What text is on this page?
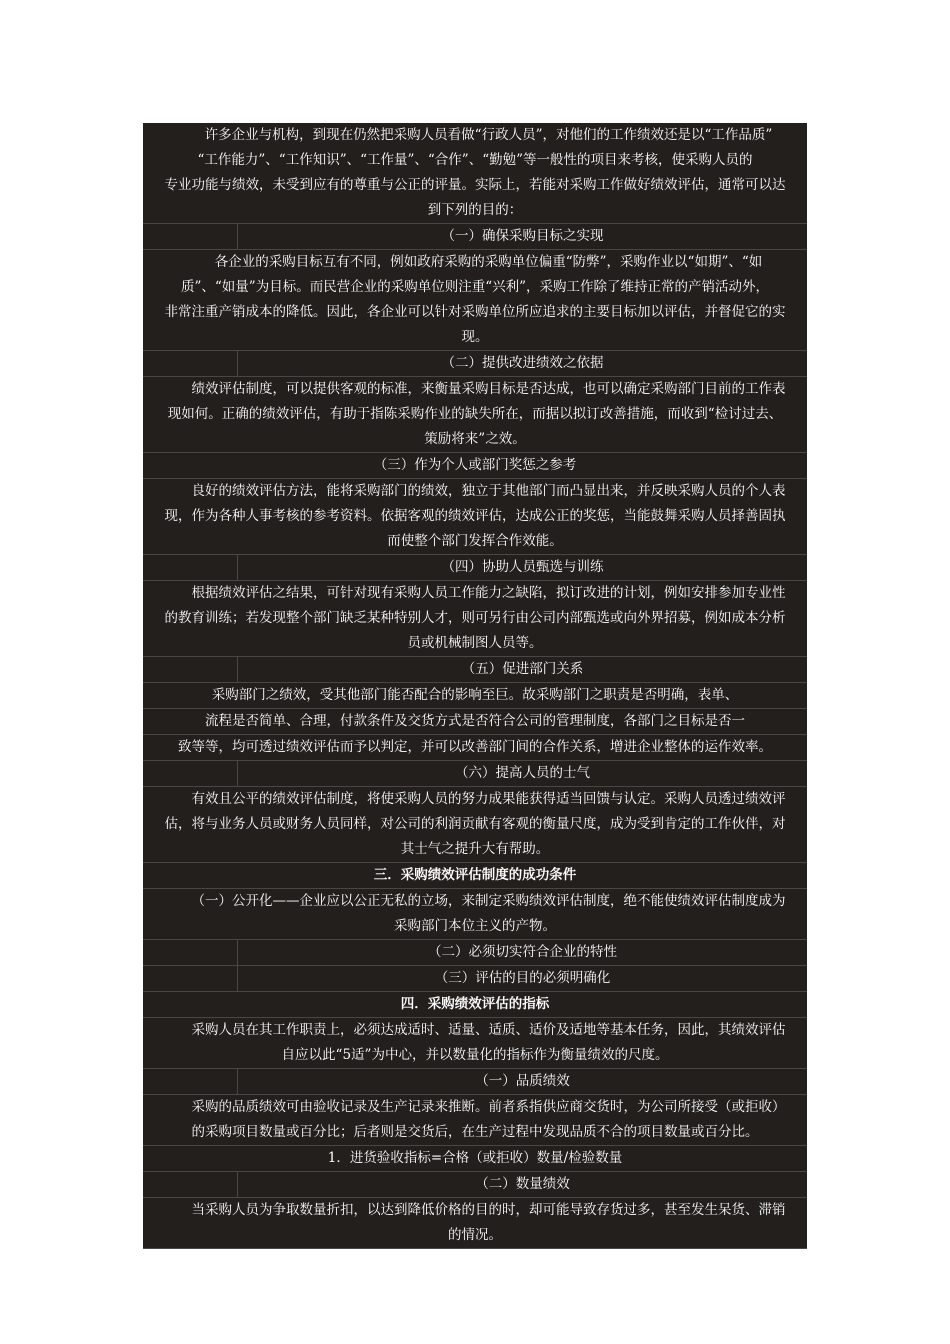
许多企业与机构，到现在仍然把采购人员看做“行政人员”，对他们的工作绩效还是以“工作品质”
“工作能力”、“工作知识”、“工作量”、“合作”、“勤勉”等一般性的项目来考核，使采购人员的
专业功能与绩效，未受到应有的尊重与公正的评量。实际上，若能对采购工作做好绩效评估，通常可以达
到下列的目的：
（一）确保采购目标之实现
各企业的采购目标互有不同，例如政府采购的采购单位偏重“防弊”，采购作业以“如期”、“如
质”、“如量”为目标。而民营企业的采购单位则注重“兴利”，采购工作除了维持正常的产销活动外，
非常注重产销成本的降低。因此，各企业可以针对采购单位所应追求的主要目标加以评估，并督促它的实
现。
（二）提供改进绩效之依据
绩效评估制度，可以提供客观的标准，来衡量采购目标是否达成，也可以确定采购部门目前的工作表
现如何。正确的绩效评估，有助于指陈采购作业的缺失所在，而据以拟订改善措施，而收到“检讨过去、
策励将来”之效。
（三）作为个人或部门奖惩之参考
良好的绩效评估方法，能将采购部门的绩效，独立于其他部门而凸显出来，并反映采购人员的个人表
现，作为各种人事考核的参考资料。依据客观的绩效评估，达成公正的奖惩，当能鼓舞采购人员择善固执
而使整个部门发挥合作效能。
（四）协助人员甄选与训练
根据绩效评估之结果，可针对现有采购人员工作能力之缺陷，拟订改进的计划，例如安排参加专业性
的教育训练；若发现整个部门缺乏某种特别人才，则可另行由公司内部甄选或向外界招募，例如成本分析
员或机械制图人员等。
（五）促进部门关系
采购部门之绩效，受其他部门能否配合的影响至巨。故采购部门之职责是否明确，表单、
流程是否简单、合理，付款条件及交货方式是否符合公司的管理制度，各部门之目标是否一
致等等，均可透过绩效评估而予以判定，并可以改善部门间的合作关系，增进企业整体的运作效率。
（六）提高人员的士气
有效且公平的绩效评估制度，将使采购人员的努力成果能获得适当回馈与认定。采购人员透过绩效评
估，将与业务人员或财务人员同样，对公司的利润贡献有客观的衡量尺度，成为受到肯定的工作伙伴，对
其士气之提升大有帮助。
三．采购绩效评估制度的成功条件
（一）公开化——企业应以公正无私的立场，来制定采购绩效评估制度，绝不能使绩效评估制度成为
采购部门本位主义的产物。
（二）必须切实符合企业的特性
（三）评估的目的必须明确化
四．采购绩效评估的指标
采购人员在其工作职责上，必须达成适时、适量、适质、适价及适地等基本任务，因此，其绩效评估
自应以此“5适”为中心，并以数量化的指标作为衡量绩效的尺度。
（一）品质绩效
采购的品质绩效可由验收记录及生产记录来推断。前者系指供应商交货时，为公司所接受（或拒收）
的采购项目数量或百分比；后者则是交货后，在生产过程中发现品质不合的项目数量或百分比。
1．进货验收指标=合格（或拒收）数量/检验数量
（二）数量绩效
当采购人员为争取数量折扣，以达到降低价格的目的时，却可能导致存货过多，甚至发生呆货、滞销
的情况。
